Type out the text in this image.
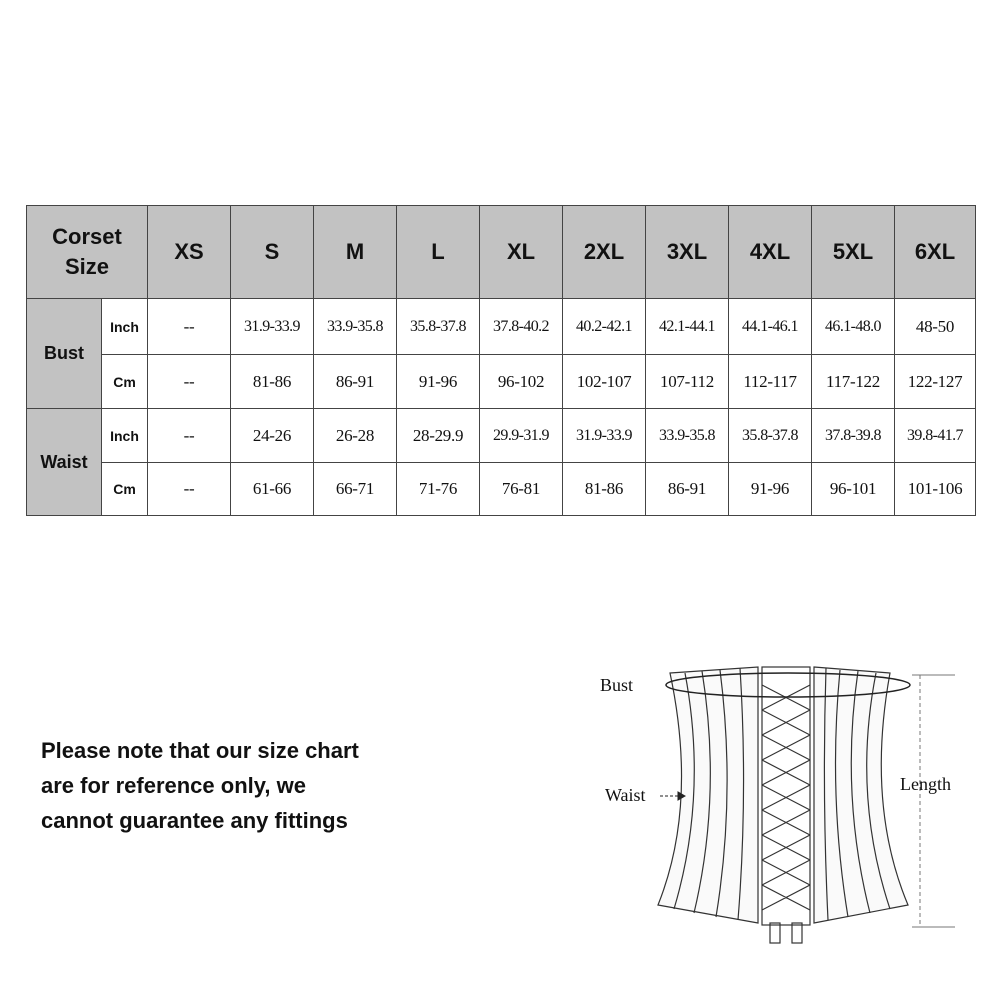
Corset
Size		XS	S	M	L	XL	2XL	3XL	4XL	5XL	6XL
Bust	Inch	--	31.9-33.9	33.9-35.8	35.8-37.8	37.8-40.2	40.2-42.1	42.1-44.1	44.1-46.1	46.1-48.0	48-50
	Cm	--	81-86	86-91	91-96	96-102	102-107	107-112	112-117	117-122	122-127
Waist	Inch	--	24-26	26-28	28-29.9	29.9-31.9	31.9-33.9	33.9-35.8	35.8-37.8	37.8-39.8	39.8-41.7
	Cm	--	61-66	66-71	71-76	76-81	81-86	86-91	91-96	96-101	101-106

Please note that our size chart
are for reference only, we
cannot guarantee any fittings

Bust
Waist
Length
